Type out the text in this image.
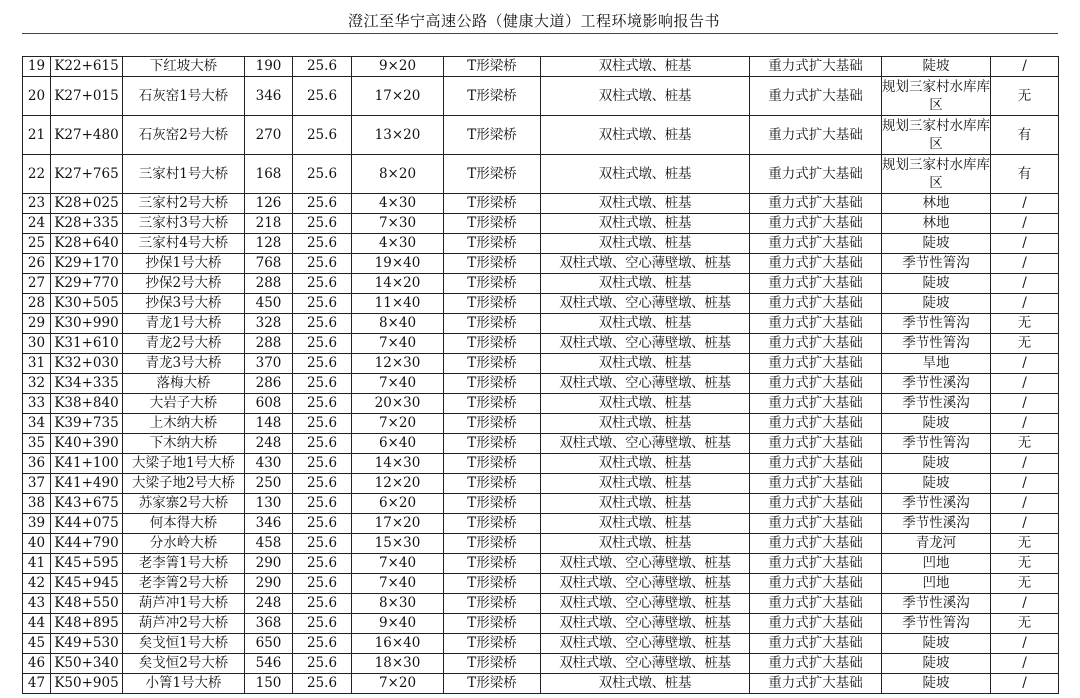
澄江至华宁高速公路（健康大道）工程环境影响报告书
19	K22+615	下红坡大桥	190	25.6	9×20	T形梁桥	双柱式墩、桩基	重力式扩大基础	陡坡	/
20	K27+015	石灰窑1号大桥	346	25.6	17×20	T形梁桥	双柱式墩、桩基	重力式扩大基础	规划三家村水库库区	无
21	K27+480	石灰窑2号大桥	270	25.6	13×20	T形梁桥	双柱式墩、桩基	重力式扩大基础	规划三家村水库库区	有
22	K27+765	三家村1号大桥	168	25.6	8×20	T形梁桥	双柱式墩、桩基	重力式扩大基础	规划三家村水库库区	有
23	K28+025	三家村2号大桥	126	25.6	4×30	T形梁桥	双柱式墩、桩基	重力式扩大基础	林地	/
24	K28+335	三家村3号大桥	218	25.6	7×30	T形梁桥	双柱式墩、桩基	重力式扩大基础	林地	/
25	K28+640	三家村4号大桥	128	25.6	4×30	T形梁桥	双柱式墩、桩基	重力式扩大基础	陡坡	/
26	K29+170	抄保1号大桥	768	25.6	19×40	T形梁桥	双柱式墩、空心薄壁墩、桩基	重力式扩大基础	季节性箐沟	/
27	K29+770	抄保2号大桥	288	25.6	14×20	T形梁桥	双柱式墩、桩基	重力式扩大基础	陡坡	/
28	K30+505	抄保3号大桥	450	25.6	11×40	T形梁桥	双柱式墩、空心薄壁墩、桩基	重力式扩大基础	陡坡	/
29	K30+990	青龙1号大桥	328	25.6	8×40	T形梁桥	双柱式墩、桩基	重力式扩大基础	季节性箐沟	无
30	K31+610	青龙2号大桥	288	25.6	7×40	T形梁桥	双柱式墩、空心薄壁墩、桩基	重力式扩大基础	季节性箐沟	无
31	K32+030	青龙3号大桥	370	25.6	12×30	T形梁桥	双柱式墩、桩基	重力式扩大基础	旱地	/
32	K34+335	落梅大桥	286	25.6	7×40	T形梁桥	双柱式墩、空心薄壁墩、桩基	重力式扩大基础	季节性溪沟	/
33	K38+840	大岩子大桥	608	25.6	20×30	T形梁桥	双柱式墩、桩基	重力式扩大基础	季节性溪沟	/
34	K39+735	上木纳大桥	148	25.6	7×20	T形梁桥	双柱式墩、桩基	重力式扩大基础	陡坡	/
35	K40+390	下木纳大桥	248	25.6	6×40	T形梁桥	双柱式墩、空心薄壁墩、桩基	重力式扩大基础	季节性箐沟	无
36	K41+100	大梁子地1号大桥	430	25.6	14×30	T形梁桥	双柱式墩、桩基	重力式扩大基础	陡坡	/
37	K41+490	大梁子地2号大桥	250	25.6	12×20	T形梁桥	双柱式墩、桩基	重力式扩大基础	陡坡	/
38	K43+675	苏家寨2号大桥	130	25.6	6×20	T形梁桥	双柱式墩、桩基	重力式扩大基础	季节性溪沟	/
39	K44+075	何本得大桥	346	25.6	17×20	T形梁桥	双柱式墩、桩基	重力式扩大基础	季节性溪沟	/
40	K44+790	分水岭大桥	458	25.6	15×30	T形梁桥	双柱式墩、桩基	重力式扩大基础	青龙河	无
41	K45+595	老李箐1号大桥	290	25.6	7×40	T形梁桥	双柱式墩、空心薄壁墩、桩基	重力式扩大基础	凹地	无
42	K45+945	老李箐2号大桥	290	25.6	7×40	T形梁桥	双柱式墩、空心薄壁墩、桩基	重力式扩大基础	凹地	无
43	K48+550	葫芦冲1号大桥	248	25.6	8×30	T形梁桥	双柱式墩、空心薄壁墩、桩基	重力式扩大基础	季节性溪沟	/
44	K48+895	葫芦冲2号大桥	368	25.6	9×40	T形梁桥	双柱式墩、空心薄壁墩、桩基	重力式扩大基础	季节性箐沟	无
45	K49+530	矣戈恒1号大桥	650	25.6	16×40	T形梁桥	双柱式墩、空心薄壁墩、桩基	重力式扩大基础	陡坡	/
46	K50+340	矣戈恒2号大桥	546	25.6	18×30	T形梁桥	双柱式墩、空心薄壁墩、桩基	重力式扩大基础	陡坡	/
47	K50+905	小箐1号大桥	150	25.6	7×20	T形梁桥	双柱式墩、桩基	重力式扩大基础	陡坡	/
